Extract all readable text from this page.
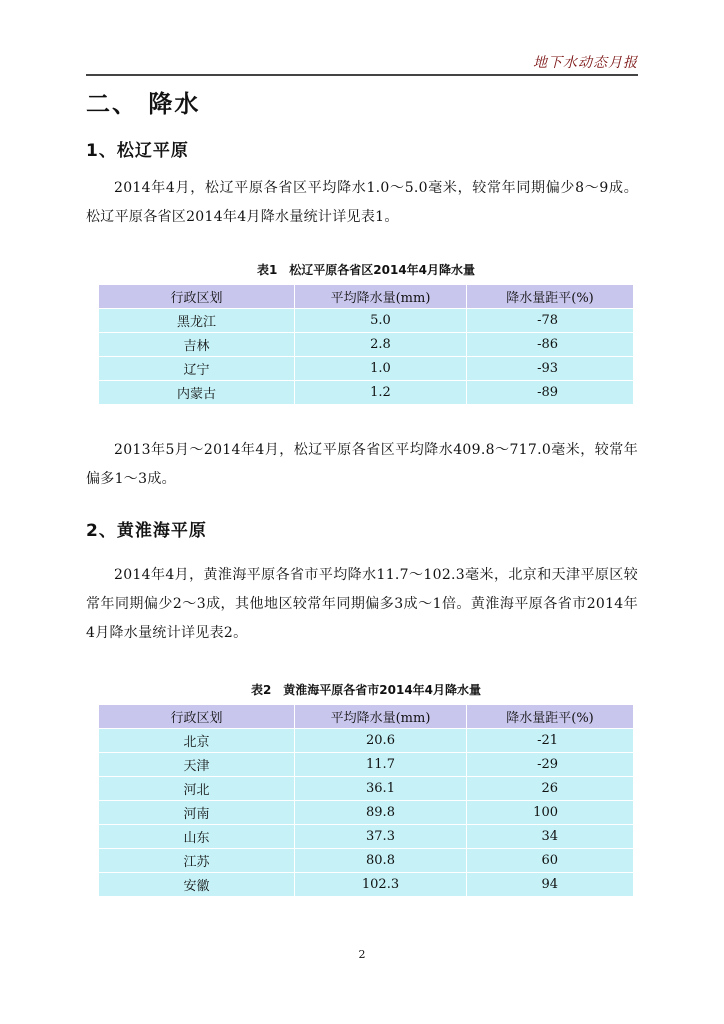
地下水动态月报
二、 降水
1、松辽平原
2014年4月，松辽平原各省区平均降水1.0～5.0毫米，较常年同期偏少8～9成。松辽平原各省区2014年4月降水量统计详见表1。
表1　松辽平原各省区2014年4月降水量
行政区划	平均降水量(mm)	降水量距平(%)
黑龙江	5.0	-78
吉林	2.8	-86
辽宁	1.0	-93
内蒙古	1.2	-89
2013年5月～2014年4月，松辽平原各省区平均降水409.8～717.0毫米，较常年偏多1～3成。
2、黄淮海平原
2014年4月，黄淮海平原各省市平均降水11.7～102.3毫米，北京和天津平原区较常年同期偏少2～3成，其他地区较常年同期偏多3成～1倍。黄淮海平原各省市2014年4月降水量统计详见表2。
表2　黄淮海平原各省市2014年4月降水量
行政区划	平均降水量(mm)	降水量距平(%)
北京	20.6	-21
天津	11.7	-29
河北	36.1	26
河南	89.8	100
山东	37.3	34
江苏	80.8	60
安徽	102.3	94
2
